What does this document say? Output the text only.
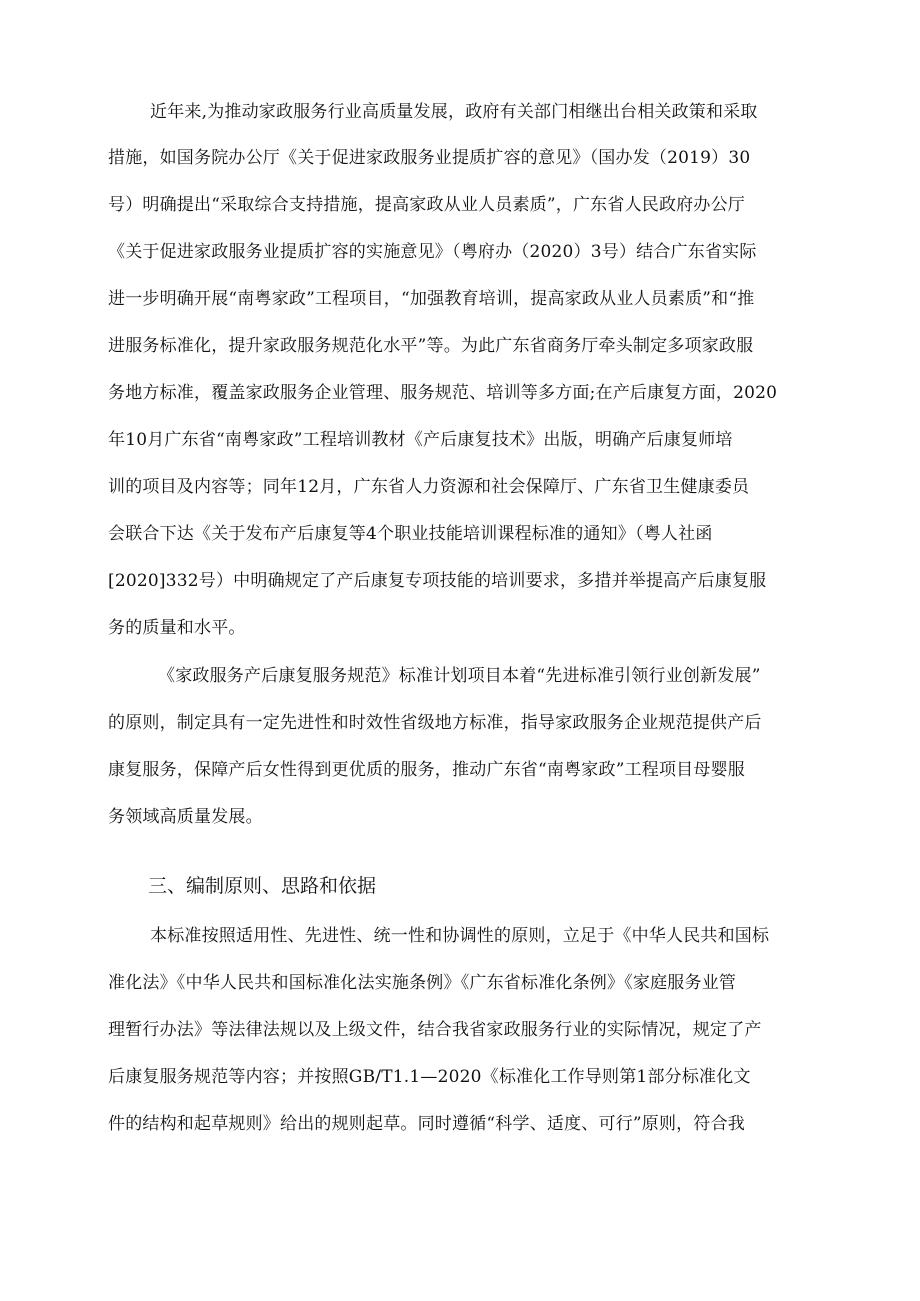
近年来,为推动家政服务行业高质量发展，政府有关部门相继出台相关政策和采取
措施，如国务院办公厅《关于促进家政服务业提质扩容的意见》（国办发（2019）30
号）明确提出“采取综合支持措施，提高家政从业人员素质”，广东省人民政府办公厅
《关于促进家政服务业提质扩容的实施意见》（粤府办（2020）3号）结合广东省实际
进一步明确开展“南粤家政”工程项目，“加强教育培训，提高家政从业人员素质”和“推
进服务标准化，提升家政服务规范化水平”等。为此广东省商务厅牵头制定多项家政服
务地方标准，覆盖家政服务企业管理、服务规范、培训等多方面;在产后康复方面，2020
年10月广东省“南粤家政”工程培训教材《产后康复技术》出版，明确产后康复师培
训的项目及内容等；同年12月，广东省人力资源和社会保障厅、广东省卫生健康委员
会联合下达《关于发布产后康复等4个职业技能培训课程标准的通知》（粤人社函
[2020]332号）中明确规定了产后康复专项技能的培训要求，多措并举提高产后康复服
务的质量和水平。
《家政服务产后康复服务规范》标准计划项目本着“先进标准引领行业创新发展”
的原则，制定具有一定先进性和时效性省级地方标准，指导家政服务企业规范提供产后
康复服务，保障产后女性得到更优质的服务，推动广东省“南粤家政”工程项目母婴服
务领域高质量发展。
三、编制原则、思路和依据
本标准按照适用性、先进性、统一性和协调性的原则，立足于《中华人民共和国标
准化法》《中华人民共和国标准化法实施条例》《广东省标准化条例》《家庭服务业管
理暂行办法》等法律法规以及上级文件，结合我省家政服务行业的实际情况，规定了产
后康复服务规范等内容；并按照GB/T1.1—2020《标准化工作导则第1部分标准化文
件的结构和起草规则》给出的规则起草。同时遵循“科学、适度、可行”原则，符合我
